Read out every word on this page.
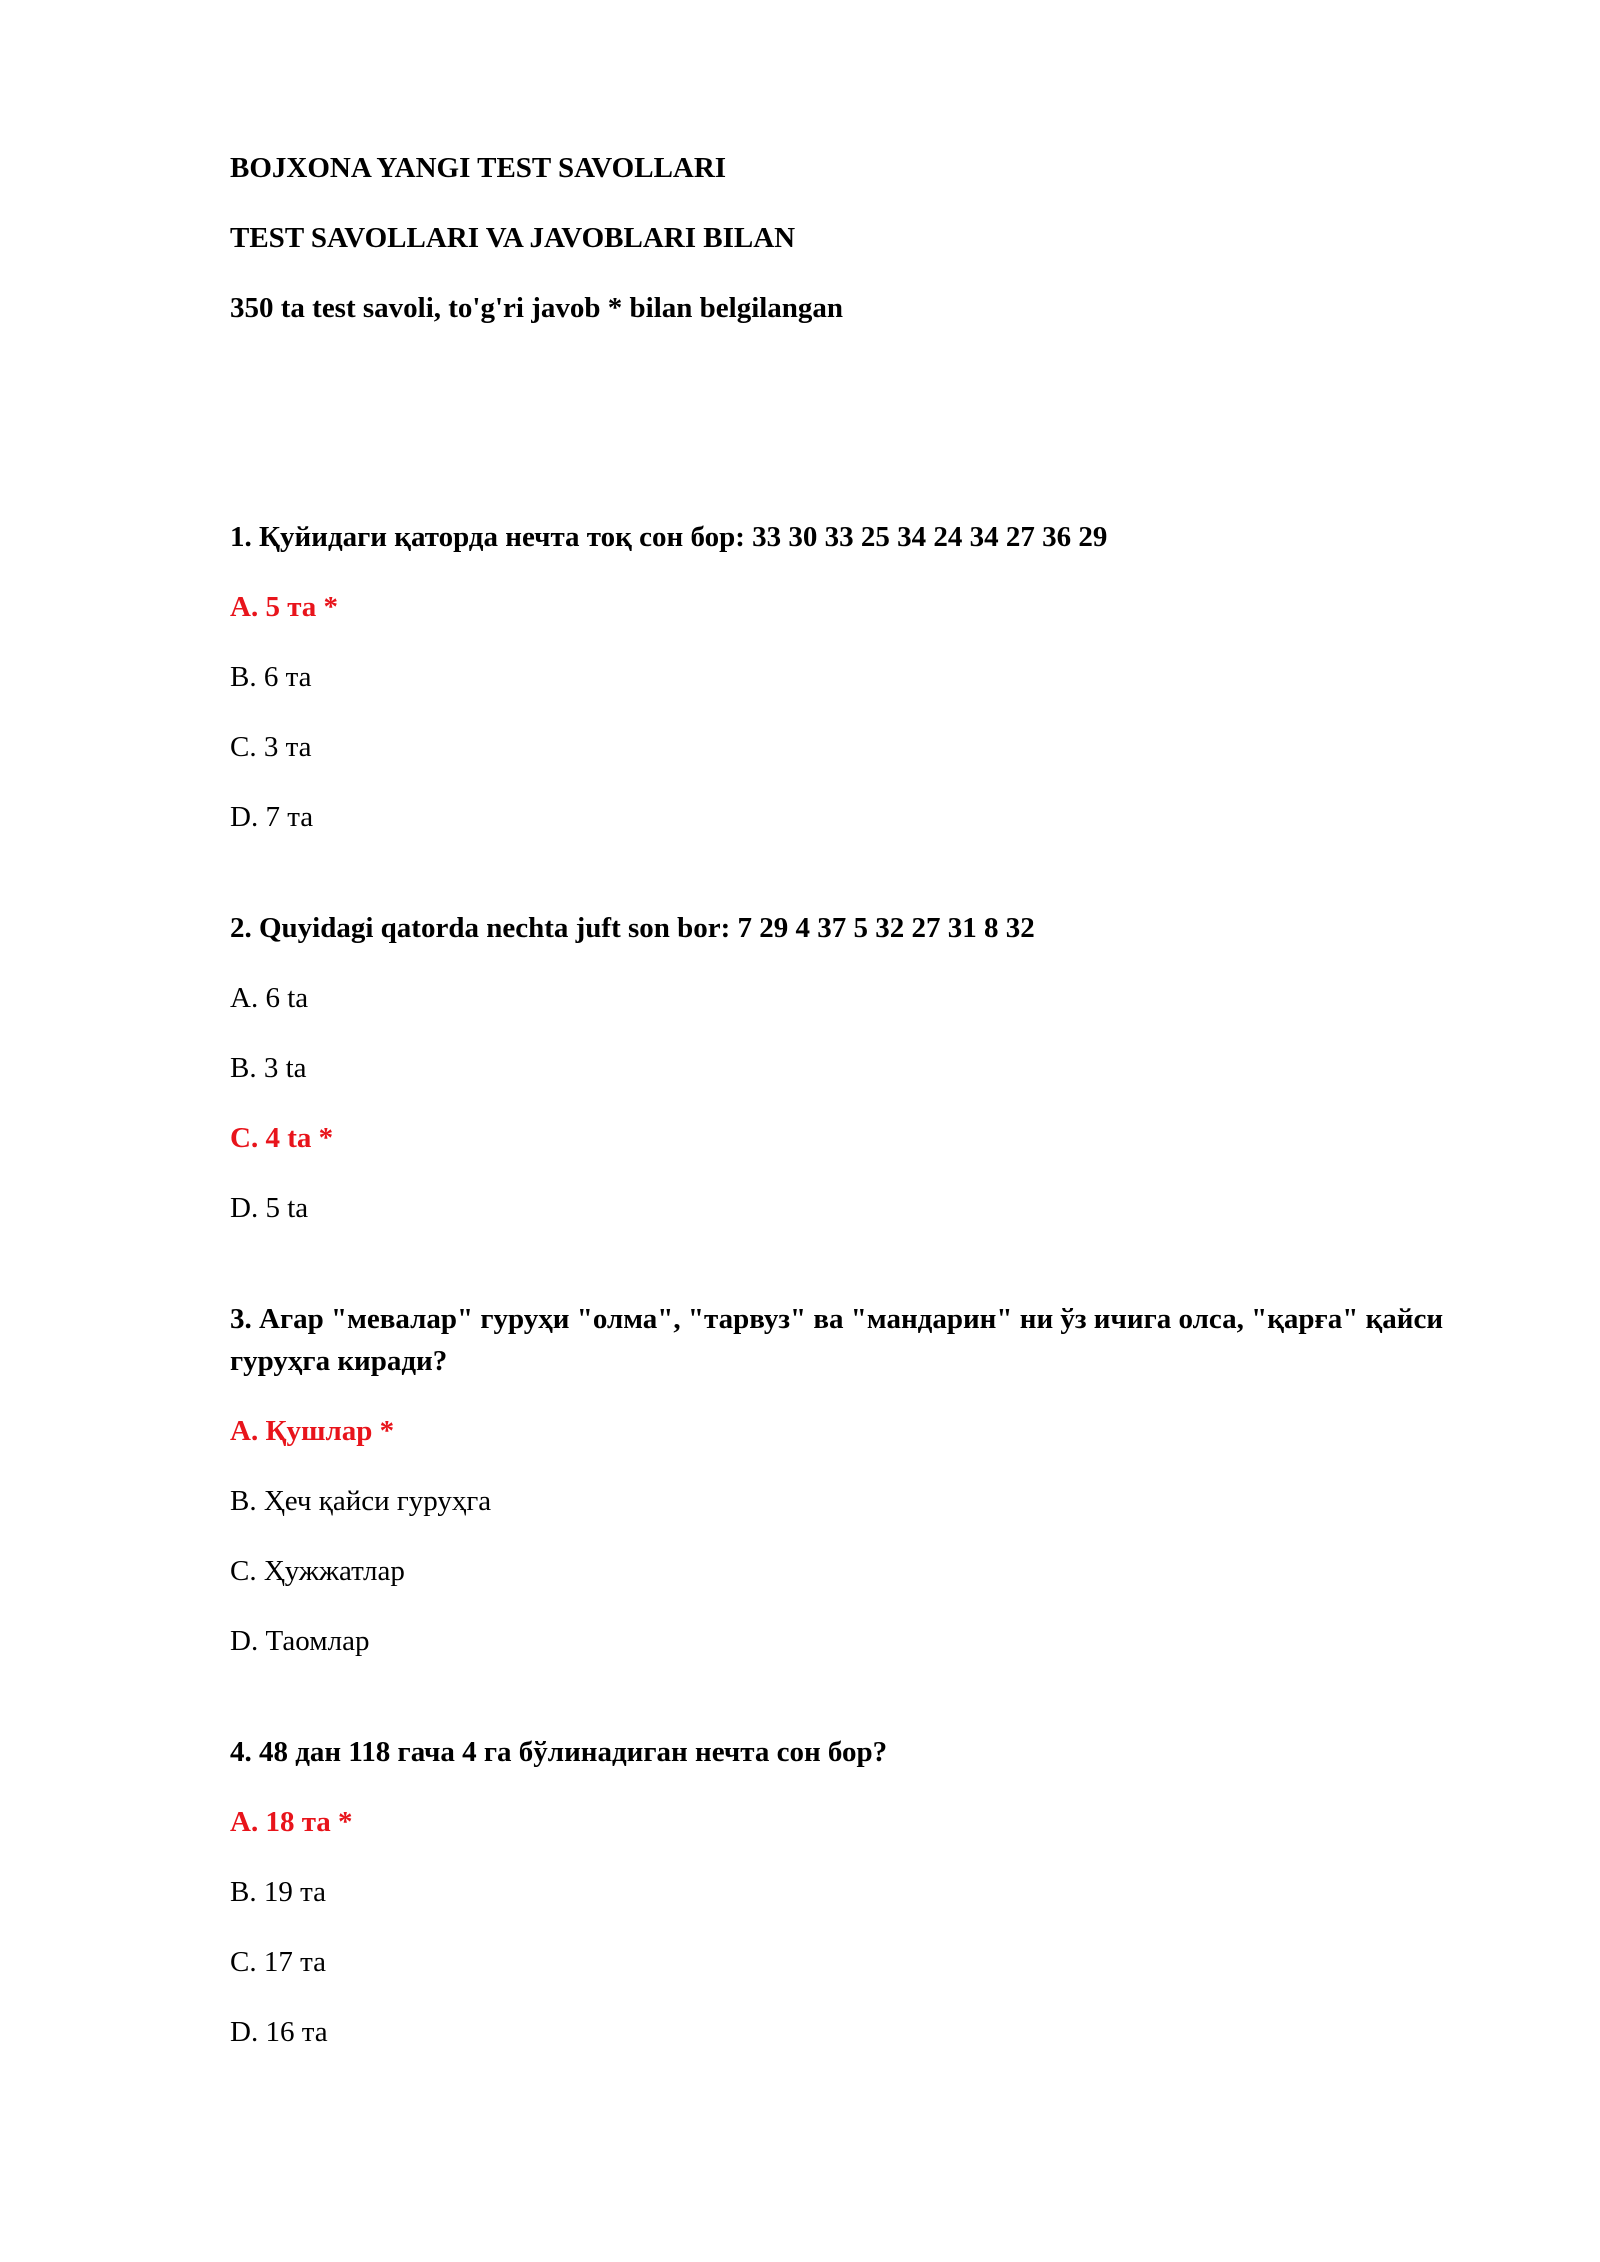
BOJXONA YANGI TEST SAVOLLARI
TEST SAVOLLARI VA JAVOBLARI BILAN
350 ta test savoli, to'g'ri javob * bilan belgilangan
1. Қуйидаги қаторда нечта тоқ сон бор: 33 30 33 25 34 24 34 27 36 29
A. 5 та *
B. 6 та
C. 3 та
D. 7 та
2. Quyidagi qatorda nechta juft son bor: 7 29 4 37 5 32 27 31 8 32
A. 6 ta
B. 3 ta
C. 4 ta *
D. 5 ta
3. Агар "мевалар" гуруҳи "олма", "тарвуз" ва "мандарин" ни ўз ичига олса, "қарға" қайси гуруҳга киради?
A. Қушлар *
B. Ҳеч қайси гуруҳга
C. Ҳужжатлар
D. Таомлар
4. 48 дан 118 гача 4 га бўлинадиган нечта сон бор?
A. 18 та *
B. 19 та
C. 17 та
D. 16 та
